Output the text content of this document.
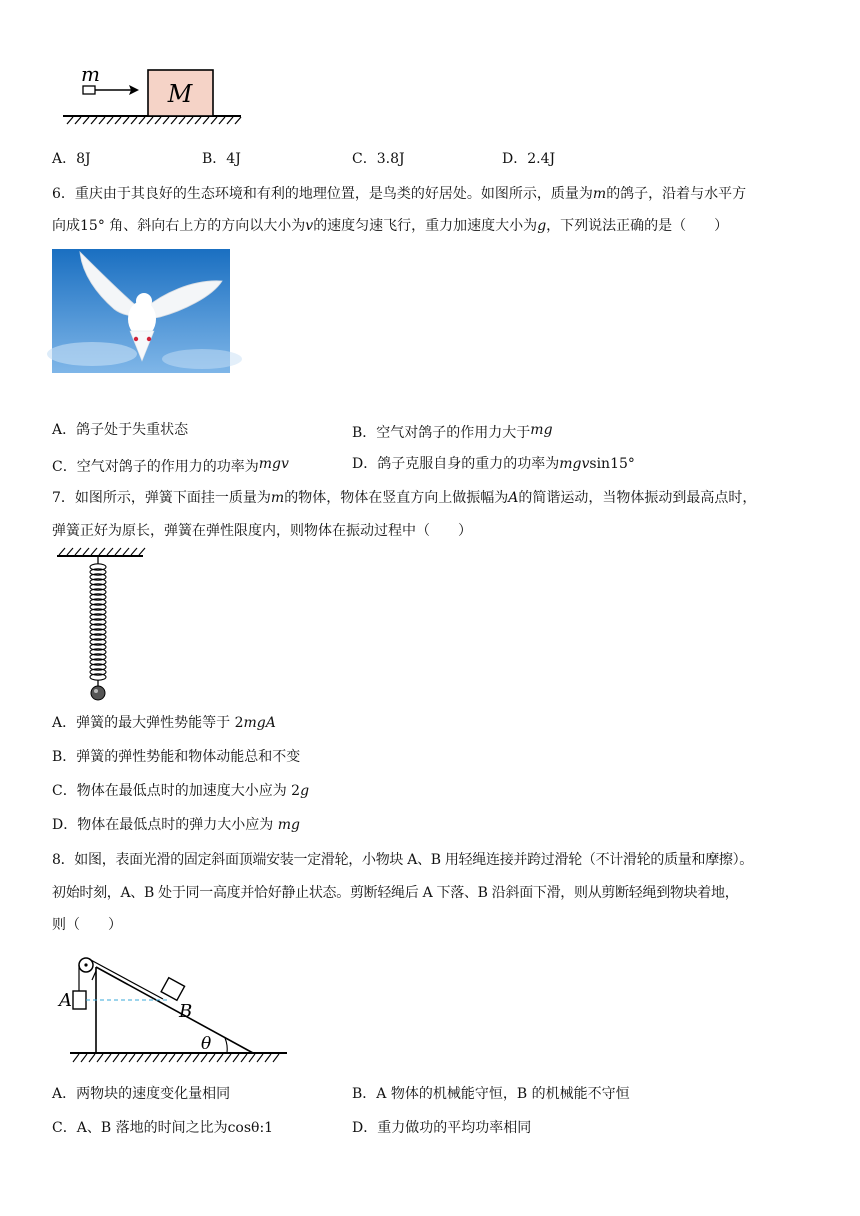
M
m
A．8J	B．4J	C．3.8J	D．2.4J
6．重庆由于其良好的生态环境和有利的地理位置，是鸟类的好居处。如图所示，质量为m的鸽子，沿着与水平方
向成15° 角、斜向右上方的方向以大小为v的速度匀速飞行，重力加速度大小为g，下列说法正确的是（　　）
A．鸽子处于失重状态	B．空气对鸽子的作用力大于mg
C．空气对鸽子的作用力的功率为mgv	D．鸽子克服自身的重力的功率为mgvsin15°
7．如图所示，弹簧下面挂一质量为m的物体，物体在竖直方向上做振幅为A的简谐运动，当物体振动到最高点时，
弹簧正好为原长，弹簧在弹性限度内，则物体在振动过程中（　　）
A．弹簧的最大弹性势能等于 2mgA
B．弹簧的弹性势能和物体动能总和不变
C．物体在最低点时的加速度大小应为 2g
D．物体在最低点时的弹力大小应为 mg
8．如图，表面光滑的固定斜面顶端安装一定滑轮，小物块 A、B 用轻绳连接并跨过滑轮（不计滑轮的质量和摩擦）。
初始时刻，A、B 处于同一高度并恰好静止状态。剪断轻绳后 A 下落、B 沿斜面下滑，则从剪断轻绳到物块着地，
则（　　）
A
B
θ
A．两物块的速度变化量相同	B．A 物体的机械能守恒，B 的机械能不守恒
C．A、B 落地的时间之比为cosθ:1	D．重力做功的平均功率相同
